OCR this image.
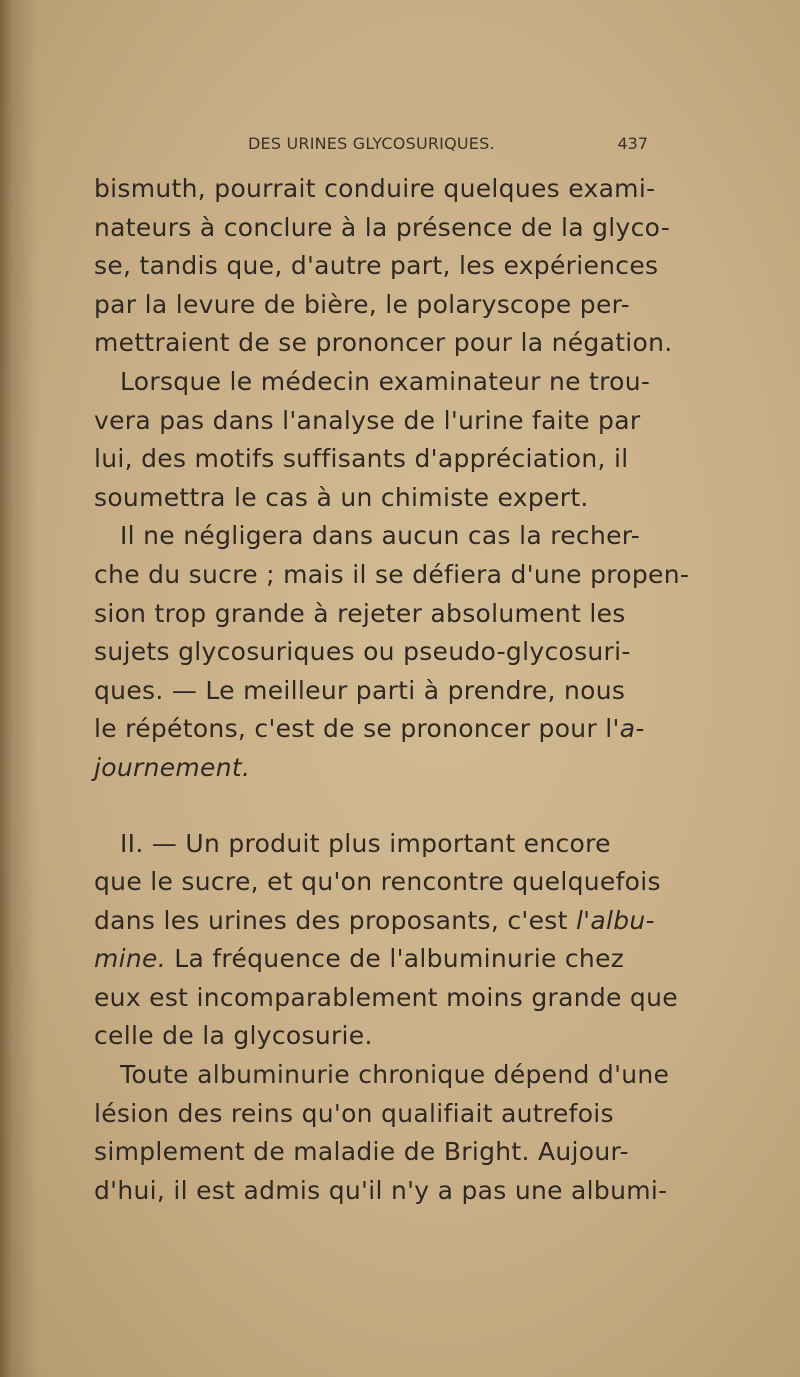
DES URINES GLYCOSURIQUES.	437
bismuth, pourrait conduire quelques exami-
nateurs à conclure à la présence de la glyco-
se, tandis que, d'autre part, les expériences
par la levure de bière, le polaryscope per-
mettraient de se prononcer pour la négation.
Lorsque le médecin examinateur ne trou-
vera pas dans l'analyse de l'urine faite par
lui, des motifs suffisants d'appréciation, il
soumettra le cas à un chimiste expert.
Il ne négligera dans aucun cas la recher-
che du sucre ; mais il se défiera d'une propen-
sion trop grande à rejeter absolument les
sujets glycosuriques ou pseudo-glycosuri-
ques. — Le meilleur parti à prendre, nous
le répétons, c'est de se prononcer pour l'a-
journement.
II. — Un produit plus important encore
que le sucre, et qu'on rencontre quelquefois
dans les urines des proposants, c'est l'albu-
mine. La fréquence de l'albuminurie chez
eux est incomparablement moins grande que
celle de la glycosurie.
Toute albuminurie chronique dépend d'une
lésion des reins qu'on qualifiait autrefois
simplement de maladie de Bright. Aujour-
d'hui, il est admis qu'il n'y a pas une albumi-
